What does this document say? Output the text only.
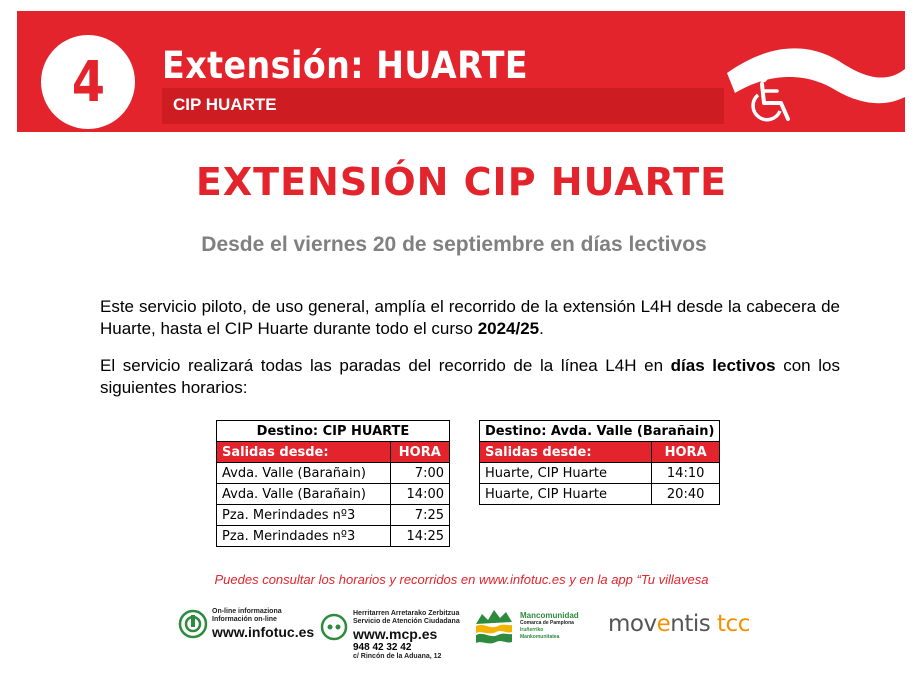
4 Extensión: HUARTE
CIP HUARTE
EXTENSIÓN CIP HUARTE
Desde el viernes 20 de septiembre en días lectivos
Este servicio piloto, de uso general, amplía el recorrido de la extensión L4H desde la cabecera de Huarte, hasta el CIP Huarte durante todo el curso 2024/25.
El servicio realizará todas las paradas del recorrido de la línea L4H en días lectivos con los siguientes horarios:
Destino: CIP HUARTE	
Salidas desde:	HORA
Avda. Valle (Barañain)	7:00
Avda. Valle (Barañain)	14:00
Pza. Merindades nº3	7:25
Pza. Merindades nº3	14:25
Destino: Avda. Valle (Barañain)	
Salidas desde:	HORA
Huarte, CIP Huarte	14:10
Huarte, CIP Huarte	20:40
Puedes consultar los horarios y recorridos en www.infotuc.es y en la app “Tu villavesa
On-line informaziona
Información on-line
www.infotuc.es
Herritarren Arretarako Zerbitzua
Servicio de Atención Ciudadana
www.mcp.es
948 42 32 42
c/ Rincón de la Aduana, 12
Mancomunidad
Comarca de Pamplona
Iruñerriko
Mankomunitatea	moventis tcc
